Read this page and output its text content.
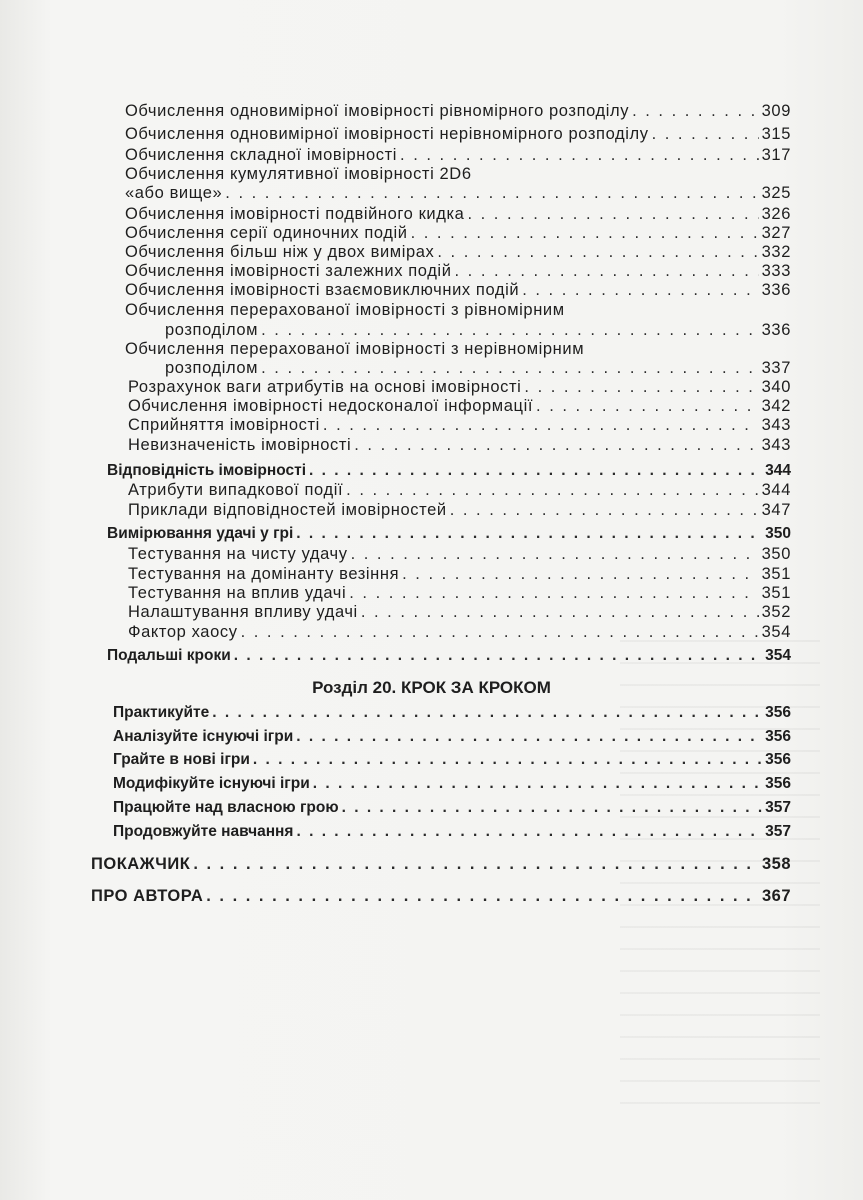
Обчислення одновимірної імовірності рівномірного розподілу . . .	309
Обчислення одновимірної імовірності нерівномірного розподілу . . .	315
Обчислення складної імовірності . . .	317
Обчислення кумулятивної імовірності 2D6
«або вище» . . .	325
Обчислення імовірності подвійного кидка . . .	326
Обчислення серії одиночних подій . . .	327
Обчислення більш ніж у двох вимірах . . .	332
Обчислення імовірності залежних подій . . .	333
Обчислення імовірності взаємовиключних подій . . .	336
Обчислення перерахованої імовірності з рівномірним
розподілом . . .	336
Обчислення перерахованої імовірності з нерівномірним
розподілом . . .	337
Розрахунок ваги атрибутів на основі імовірності . . .	340
Обчислення імовірності недосконалої інформації . . .	342
Сприйняття імовірності . . .	343
Невизначеність імовірності . . .	343
Відповідність імовірності . . .	344
Атрибути випадкової події . . .	344
Приклади відповідностей імовірностей . . .	347
Вимірювання удачі у грі . . .	350
Тестування на чисту удачу . . .	350
Тестування на домінанту везіння . . .	351
Тестування на вплив удачі . . .	351
Налаштування впливу удачі . . .	352
Фактор хаосу . . .	354
Подальші кроки . . .	354
Розділ 20. КРОК ЗА КРОКОМ
Практикуйте . . .	356
Аналізуйте існуючі ігри . . .	356
Грайте в нові ігри . . .	356
Модифікуйте існуючі ігри . . .	356
Працюйте над власною грою . . .	357
Продовжуйте навчання . . .	357
ПОКАЖЧИК . . .	358
ПРО АВТОРА . . .	367
